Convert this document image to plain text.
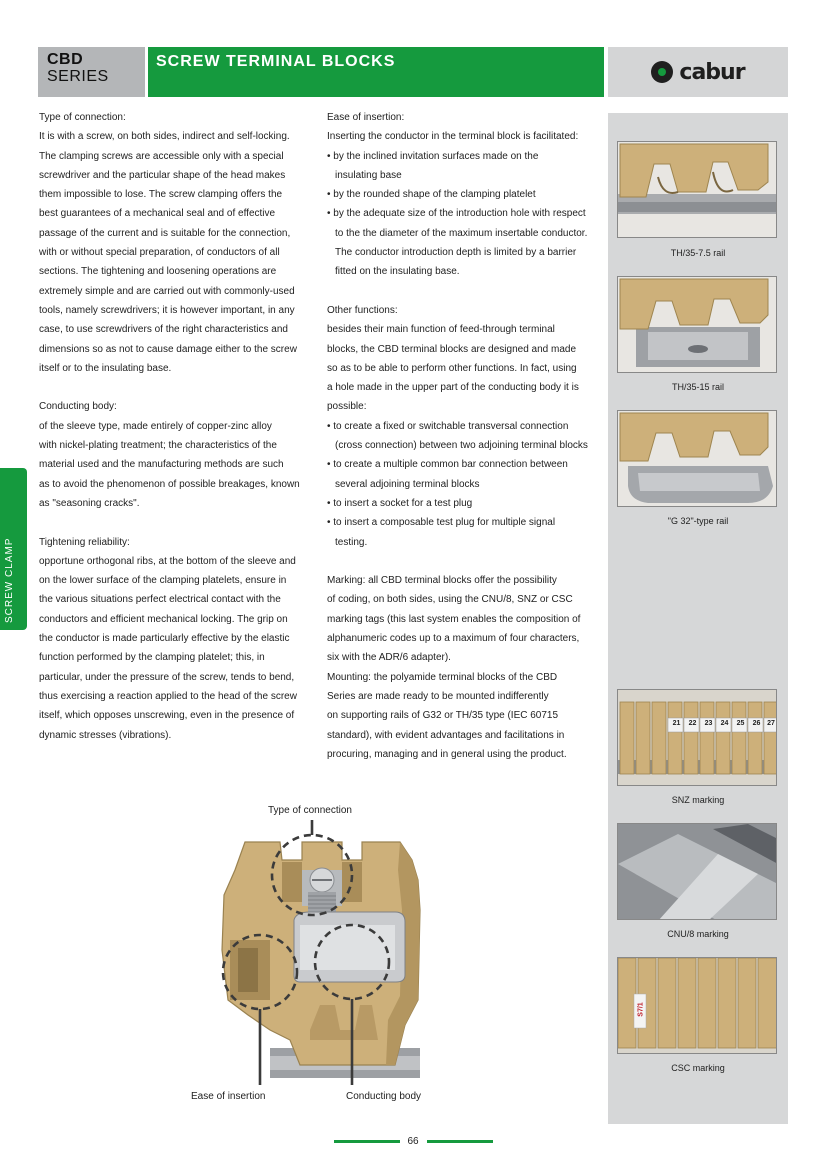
CBD
SERIES
SCREW TERMINAL BLOCKS	cabur
SCREW CLAMP
TH/35-7.5 rail
TH/35-15 rail
"G 32"-type rail
21	22	23	24	25	26 27
SNZ marking
CNU/8 marking
S7/1
CSC marking

Type of connection:

It is with a screw, on both sides, indirect and self-locking.

The clamping screws are accessible only with a special

screwdriver and the particular shape of the head makes

them impossible to lose. The screw clamping offers the

best guarantees of a mechanical seal and of effective

passage of the current and is suitable for the connection,

with or without special preparation, of conductors of all

sections. The tightening and loosening operations are

extremely simple and are carried out with commonly-used

tools, namely screwdrivers; it is however important, in any

case, to use screwdrivers of the right characteristics and

dimensions so as not to cause damage either to the screw

itself or to the insulating base.

Conducting body:

of the sleeve type, made entirely of copper-zinc alloy

with nickel-plating treatment; the characteristics of the

material used and the manufacturing methods are such

as to avoid the phenomenon of possible breakages, known

as "seasoning cracks".

Tightening reliability:

opportune orthogonal ribs, at the bottom of the sleeve and

on the lower surface of the clamping platelets, ensure in

the various situations perfect electrical contact with the

conductors and efficient mechanical locking. The grip on

the conductor is made particularly effective by the elastic

function performed by the clamping platelet; this, in

particular, under the pressure of the screw, tends to bend,

thus exercising a reaction applied to the head of the screw

itself, which opposes unscrewing, even in the presence of

dynamic stresses (vibrations).

Ease of insertion:

Inserting the conductor in the terminal block is facilitated:

• by the inclined invitation surfaces made on the

insulating base

• by the rounded shape of the clamping platelet

• by the adequate size of the introduction hole with respect

to the the diameter of the maximum insertable conductor.

The conductor introduction depth is limited by a barrier

fitted on the insulating base.

Other functions:

besides their main function of feed-through terminal

blocks, the CBD terminal blocks are designed and made

so as to be able to perform other functions. In fact, using

a hole made in the upper part of the conducting body it is

possible:

• to create a fixed or switchable transversal connection

(cross connection) between two adjoining terminal blocks

• to create a multiple common bar connection between

several adjoining terminal blocks

• to insert a socket for a test plug

• to insert a composable test plug for multiple signal

testing.

Marking: all CBD terminal blocks offer the possibility

of coding, on both sides, using the CNU/8, SNZ or CSC

marking tags (this last system enables the composition of

alphanumeric codes up to a maximum of four characters,

six with the ADR/6 adapter).

Mounting: the polyamide terminal blocks of the CBD

Series are made ready to be mounted indifferently

on supporting rails of G32 or TH/35 type (IEC 60715

standard), with evident advantages and facilitations in

procuring, managing and in general using the product.

Type of connection
Ease of insertion	Conducting body
66
